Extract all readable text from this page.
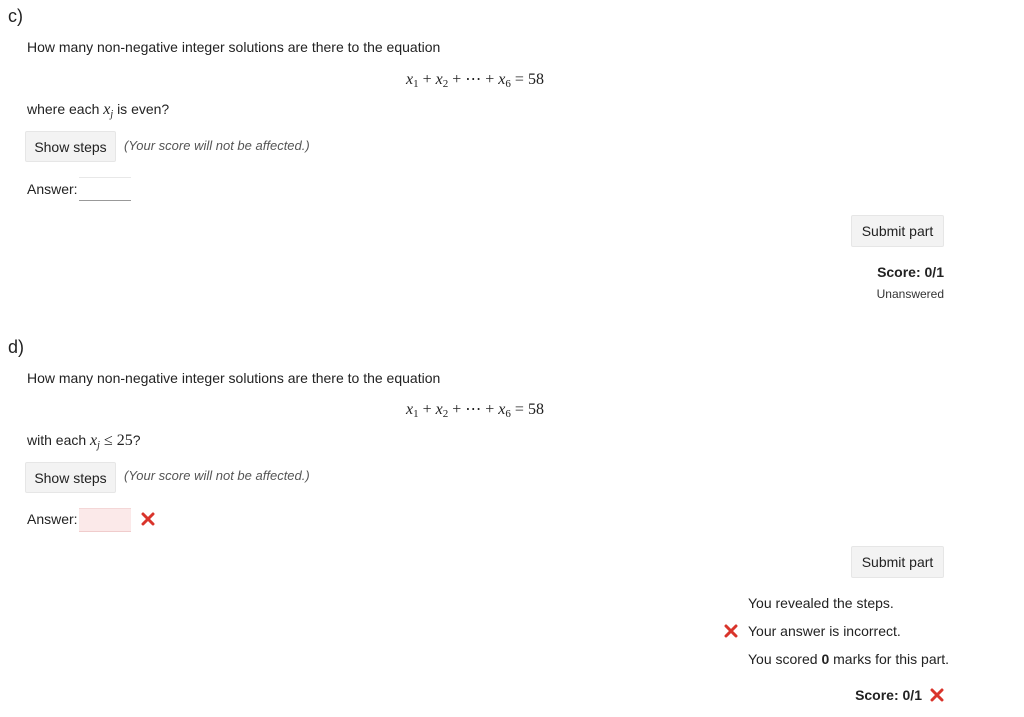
c)
How many non-negative integer solutions are there to the equation
$x_1 + x_2$ + ⋯ + $x_6 = 58$
where each $x_j$ is even?
Show steps	(Your score will not be affected.)
Answer:
Submit part
Score: 0/1
Unanswered
d)
How many non-negative integer solutions are there to the equation
$x_1 + x_2$ + ⋯ + $x_6 = 58$
with each $x_j \le 25$?
Show steps	(Your score will not be affected.)
Answer:
Submit part
You revealed the steps.
Your answer is incorrect.
You scored 0 marks for this part.
Score: 0/1
